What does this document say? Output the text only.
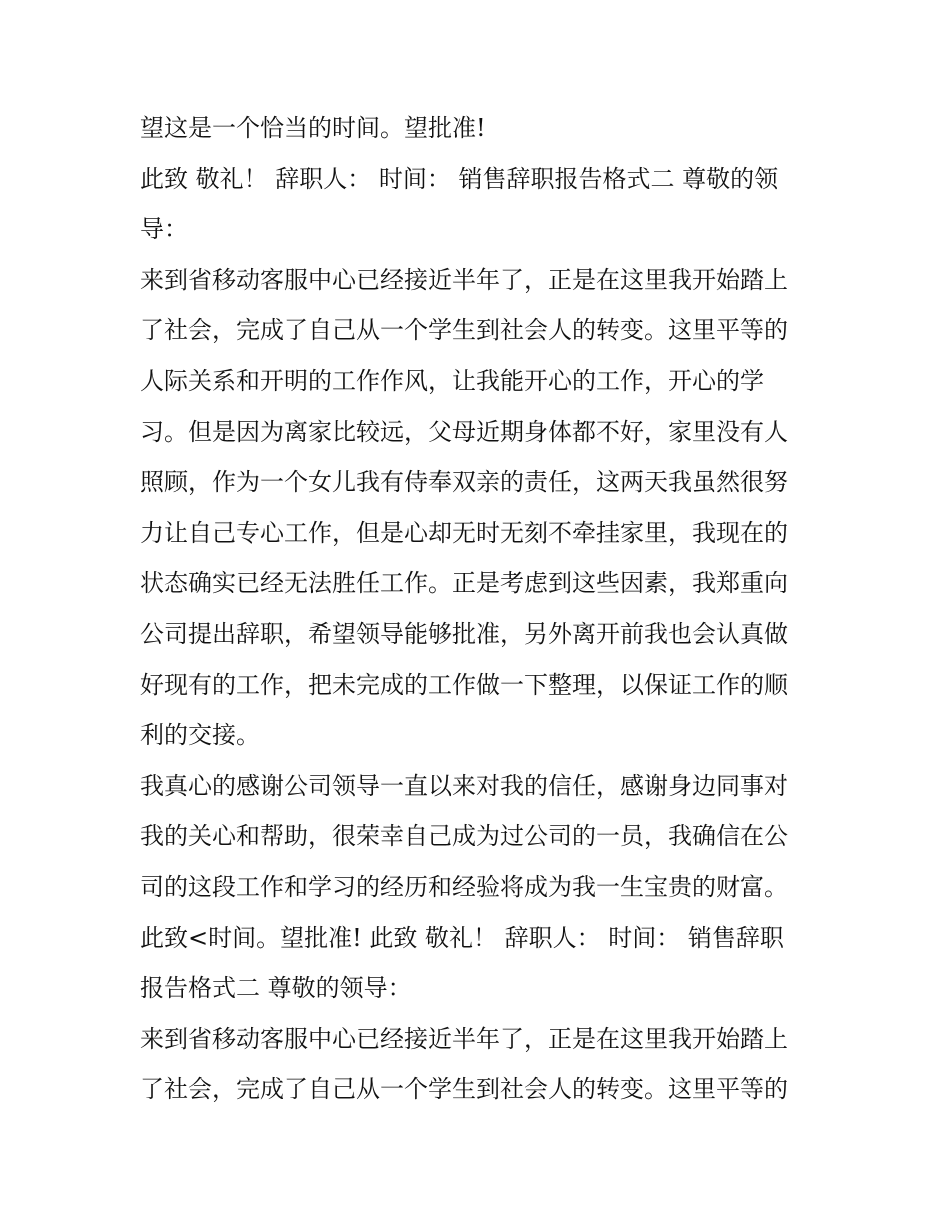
望这是一个恰当的时间。望批准!
此致 敬礼！ 辞职人： 时间： 销售辞职报告格式二 尊敬的领
导：
来到省移动客服中心已经接近半年了，正是在这里我开始踏上
了社会，完成了自己从一个学生到社会人的转变。这里平等的
人际关系和开明的工作作风，让我能开心的工作，开心的学
习。但是因为离家比较远，父母近期身体都不好，家里没有人
照顾，作为一个女儿我有侍奉双亲的责任，这两天我虽然很努
力让自己专心工作，但是心却无时无刻不牵挂家里，我现在的
状态确实已经无法胜任工作。正是考虑到这些因素，我郑重向
公司提出辞职，希望领导能够批准，另外离开前我也会认真做
好现有的工作，把未完成的工作做一下整理，以保证工作的顺
利的交接。
我真心的感谢公司领导一直以来对我的信任，感谢身边同事对
我的关心和帮助，很荣幸自己成为过公司的一员，我确信在公
司的这段工作和学习的经历和经验将成为我一生宝贵的财富。
此致<时间。望批准! 此致 敬礼！ 辞职人： 时间： 销售辞职
报告格式二 尊敬的领导：
来到省移动客服中心已经接近半年了，正是在这里我开始踏上
了社会，完成了自己从一个学生到社会人的转变。这里平等的
